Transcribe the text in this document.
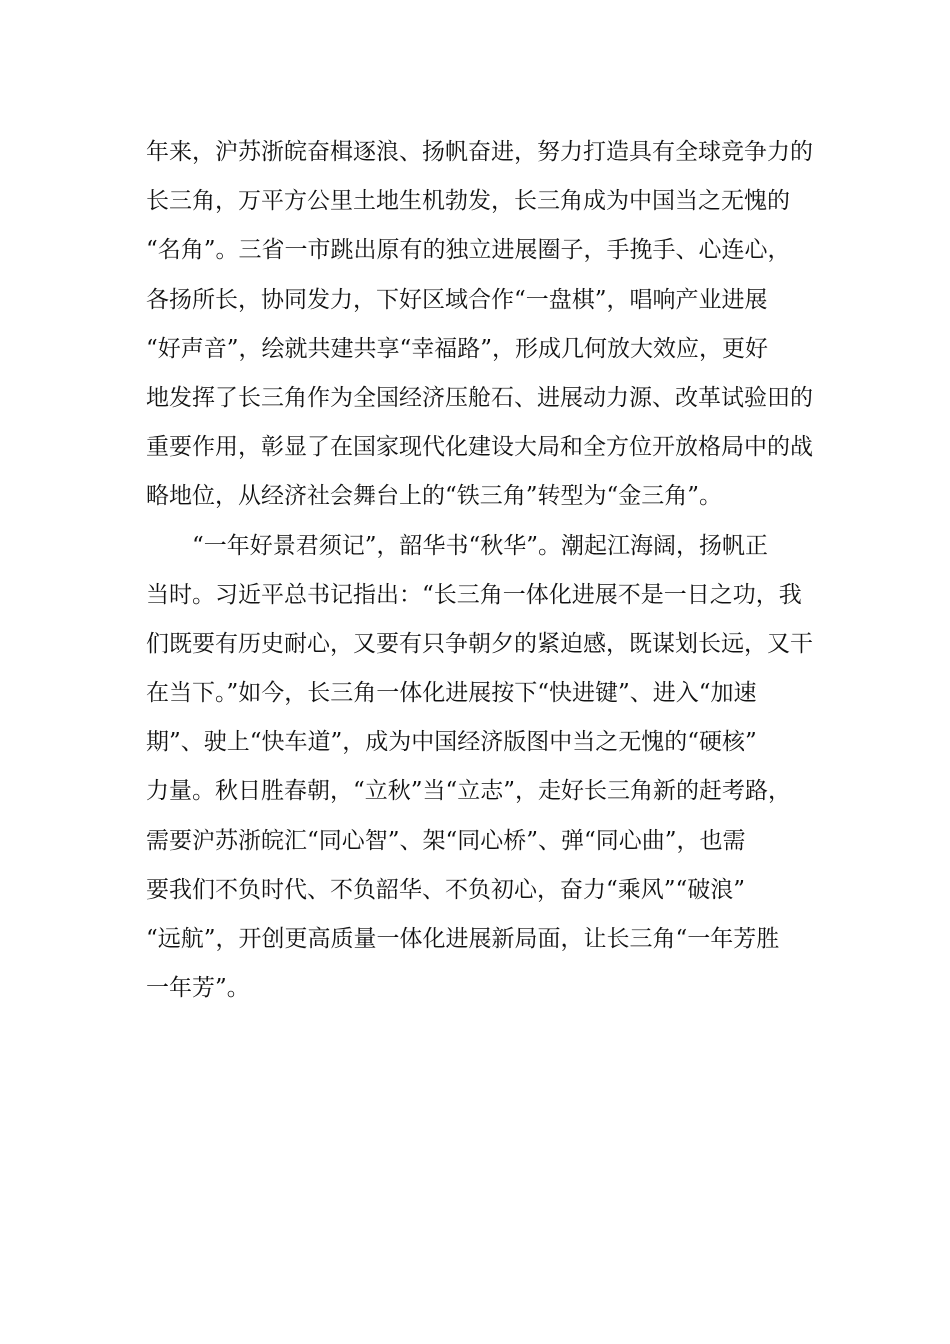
年来，沪苏浙皖奋楫逐浪、扬帆奋进，努力打造具有全球竞争力的
长三角，万平方公里土地生机勃发，长三角成为中国当之无愧的
“名角”。三省一市跳出原有的独立进展圈子，手挽手、心连心，
各扬所长，协同发力，下好区域合作“一盘棋”，唱响产业进展
“好声音”，绘就共建共享“幸福路”，形成几何放大效应，更好
地发挥了长三角作为全国经济压舱石、进展动力源、改革试验田的
重要作用，彰显了在国家现代化建设大局和全方位开放格局中的战
略地位，从经济社会舞台上的“铁三角”转型为“金三角”。
“一年好景君须记”，韶华书“秋华”。潮起江海阔，扬帆正
当时。习近平总书记指出：“长三角一体化进展不是一日之功，我
们既要有历史耐心，又要有只争朝夕的紧迫感，既谋划长远，又干
在当下。”如今，长三角一体化进展按下“快进键”、进入“加速
期”、驶上“快车道”，成为中国经济版图中当之无愧的“硬核”
力量。秋日胜春朝，“立秋”当“立志”，走好长三角新的赶考路，
需要沪苏浙皖汇“同心智”、架“同心桥”、弹“同心曲”，也需
要我们不负时代、不负韶华、不负初心，奋力“乘风”“破浪”
“远航”，开创更高质量一体化进展新局面，让长三角“一年芳胜
一年芳”。
